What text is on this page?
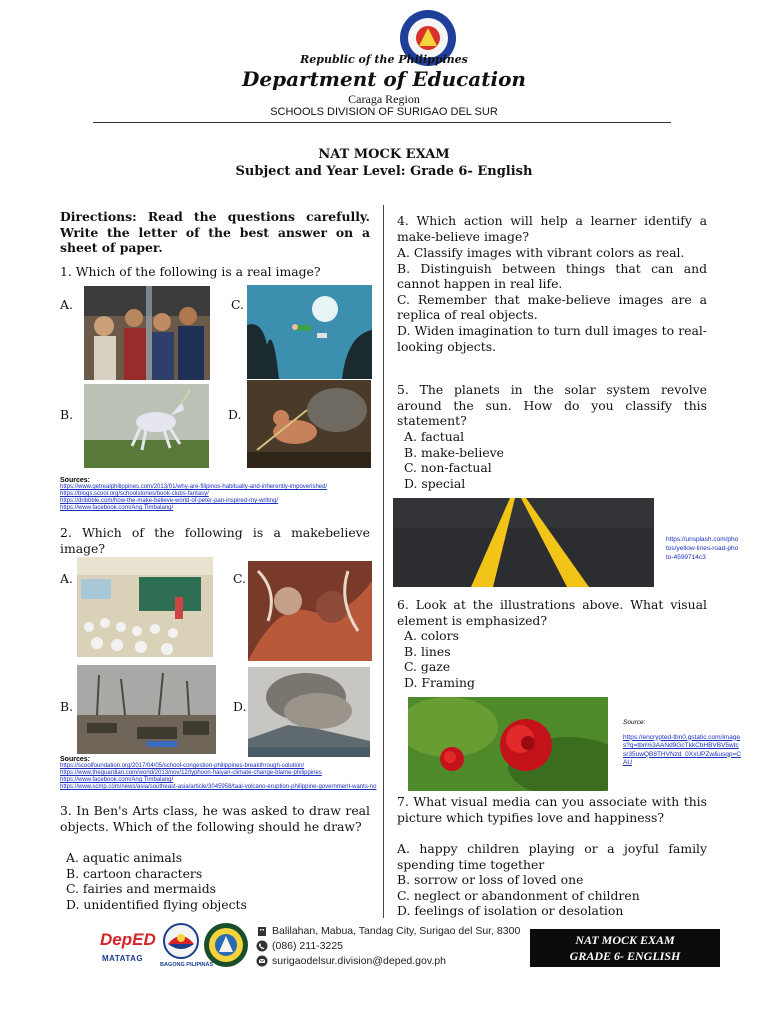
Republic of the Philippines
Department of Education
Caraga Region
SCHOOLS DIVISION OF SURIGAO DEL SUR
NAT MOCK EXAM
Subject and Year Level: Grade 6- English
Directions: Read the questions carefully. Write the letter of the best answer on a sheet of paper.
1. Which of the following is a real image?
A.	C.
B.	D.
Sources:
https://www.getrealphilippines.com/2013/01/why-are-filipinos-habitually-and-inherently-impoverished/
https://blogs.scool.org/schoolstories/book-clubs-fantasy/
https://dribbble.com/how-the-make-believe-world-of-peter-pan-inspired-my-writing/
https://www.facebook.com/Ang.Timbalang/
2. Which of the following is a makebelieve image?
A.	C.
B.	D.
Sources:
https://scoolfoundation.org/2017/04/05/school-congestion-philippines-breakthrough-solution/
https://www.theguardian.com/world/2013/nov/12/typhoon-haiyan-climate-change-blame-philippines
https://www.facebook.com/Ang.Timbalang/
https://www.scmp.com/news/asia/southeast-asia/article/3045958/taal-volcano-eruption-philippine-government-wants-no
3. In Ben's Arts class, he was asked to draw real objects. Which of the following should he draw?
A. aquatic animals
B. cartoon characters
C. fairies and mermaids
D. unidentified flying objects
4. Which action will help a learner identify a make-believe image?
A. Classify images with vibrant colors as real.
B. Distinguish between things that can and cannot happen in real life.
C. Remember that make-believe images are a replica of real objects.
D. Widen imagination to turn dull images to real-looking objects.
5. The planets in the solar system revolve around the sun. How do you classify this statement?
A. factual
B. make-believe
C. non-factual
D. special
https://unsplash.com/photos/yellow-lines-road-photo-4599714c3
6. Look at the illustrations above. What visual element is emphasized?
A. colors
B. lines
C. gaze
D. Framing
Source:
https://encrypted-tbn0.gstatic.com/images?q=tbn%3AANd9GcTkkCbHBVBV5wtcsr35uwQB8THVNzd_0XxUPZw&usqp=CAU
7. What visual media can you associate with this picture which typifies love and happiness?
A. happy children playing or a joyful family spending time together
B. sorrow or loss of loved one
C. neglect or abandonment of children
D. feelings of isolation or desolation
DepED
MATATAG
BAGONG PILIPINAS
Balilahan, Mabua, Tandag City, Surigao del Sur, 8300
(086) 211-3225
surigaodelsur.division@deped.gov.ph
NAT MOCK EXAM
GRADE 6- ENGLISH
